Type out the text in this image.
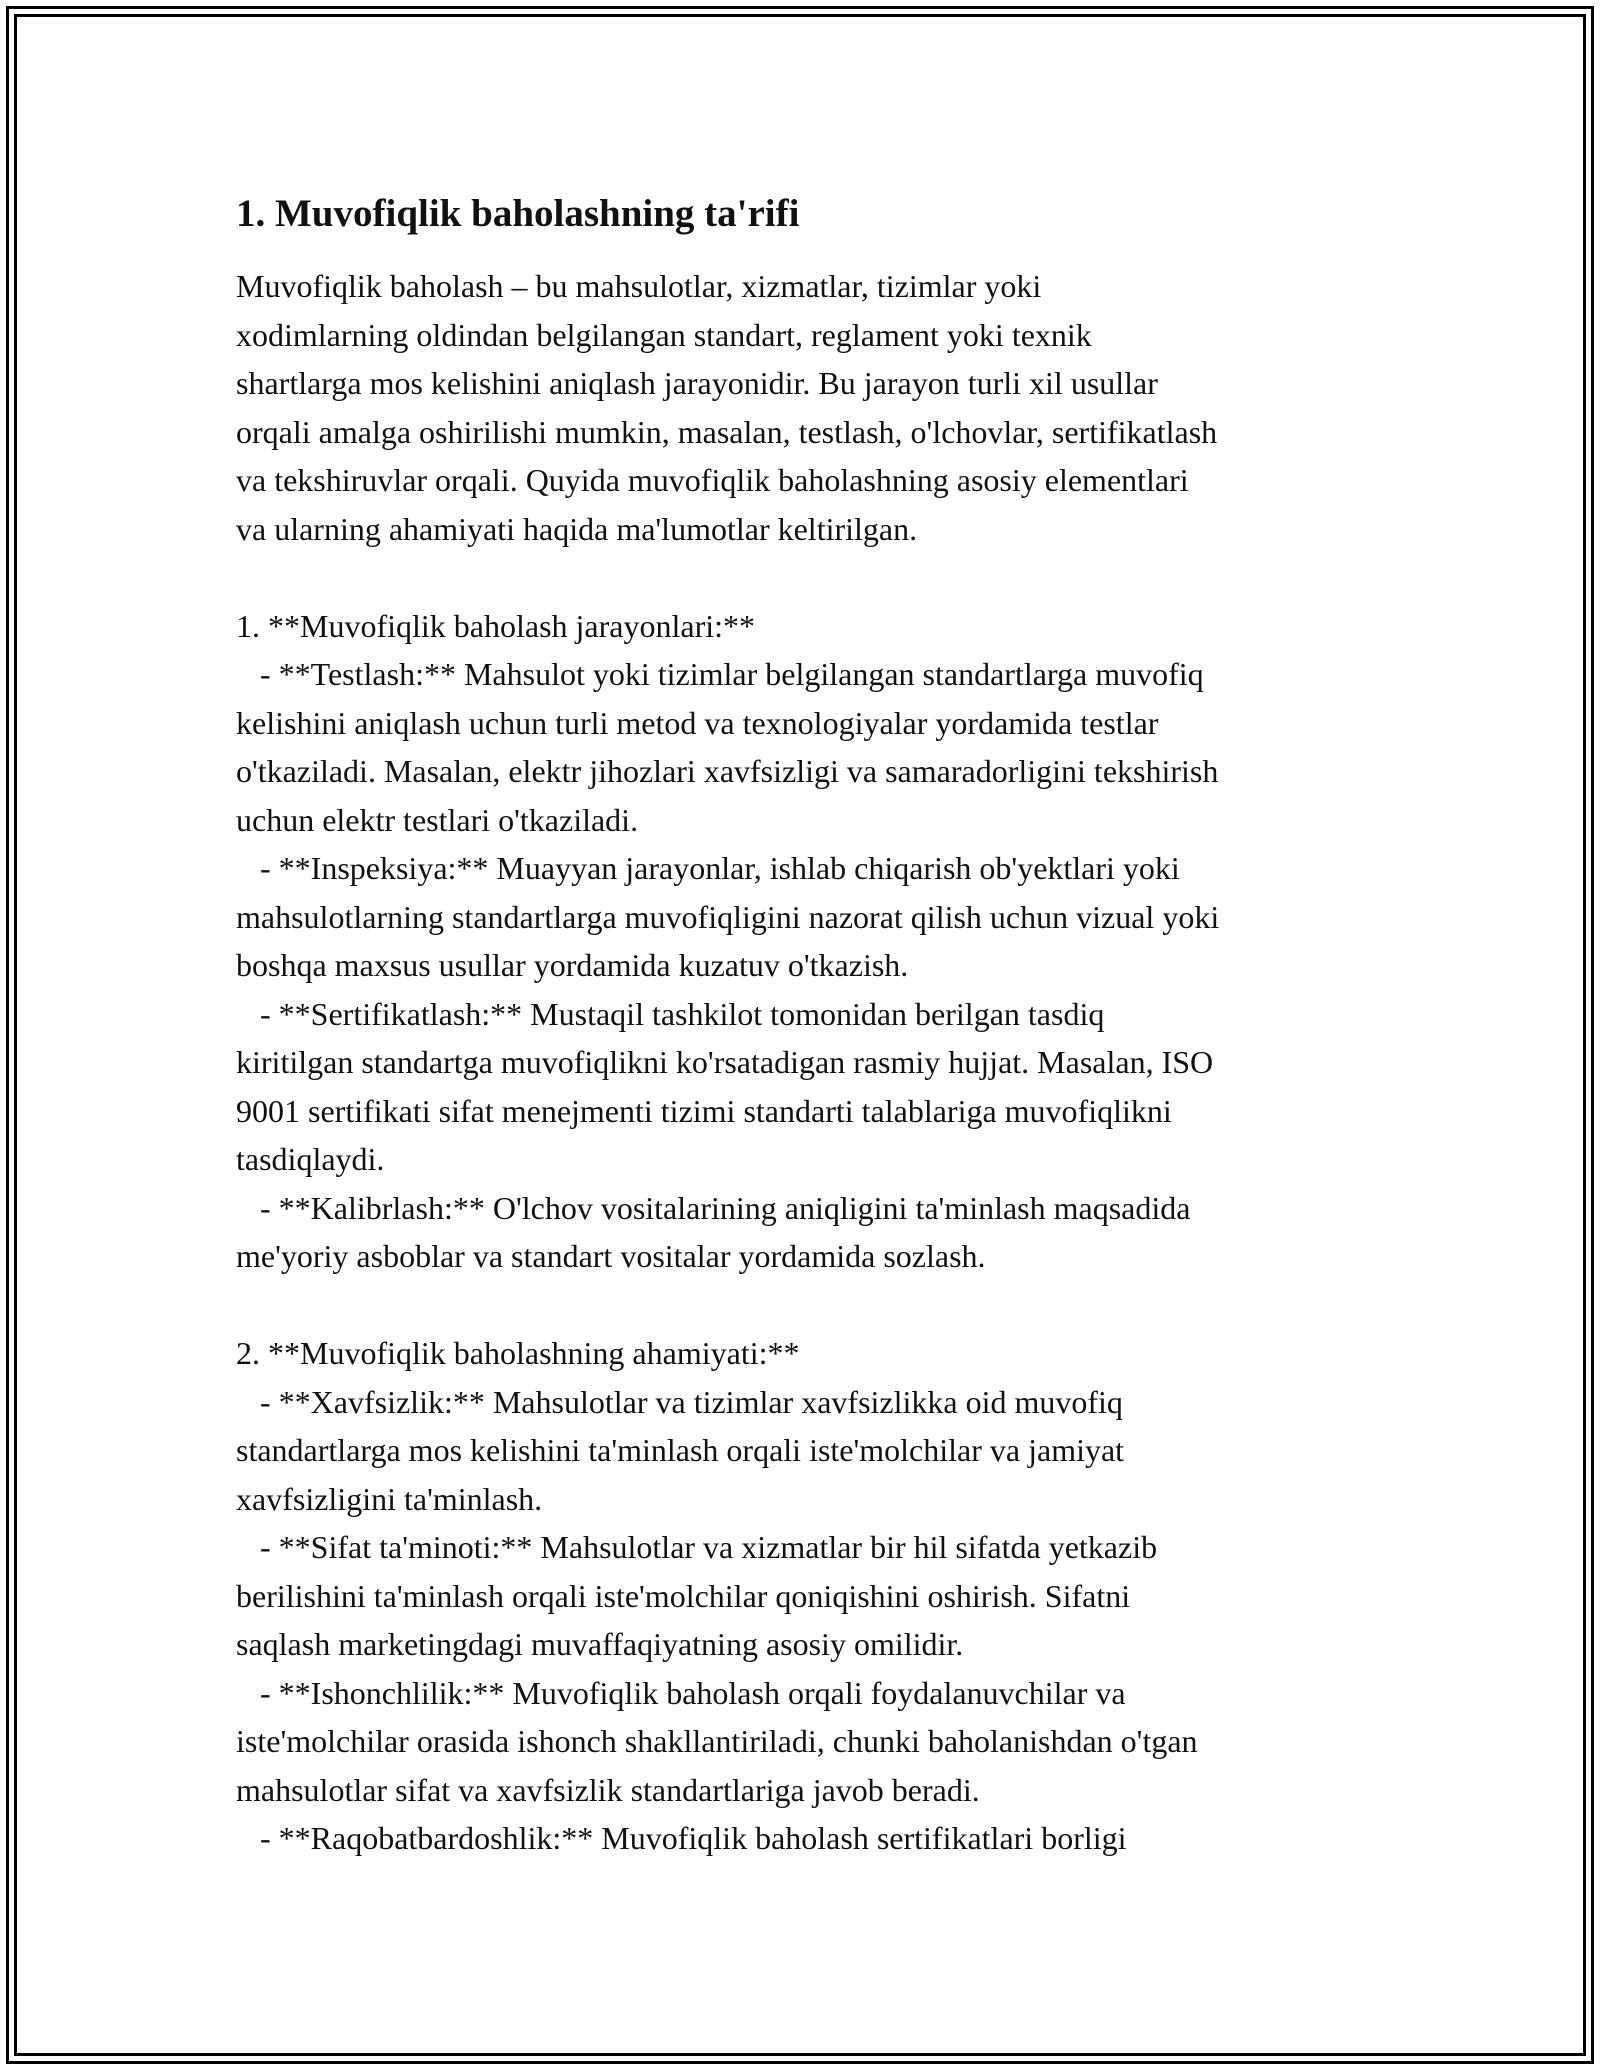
1. Muvofiqlik baholashning ta'rifi

Muvofiqlik baholash – bu mahsulotlar, xizmatlar, tizimlar yoki
xodimlarning oldindan belgilangan standart, reglament yoki texnik
shartlarga mos kelishini aniqlash jarayonidir. Bu jarayon turli xil usullar
orqali amalga oshirilishi mumkin, masalan, testlash, o'lchovlar, sertifikatlash
va tekshiruvlar orqali. Quyida muvofiqlik baholashning asosiy elementlari
va ularning ahamiyati haqida ma'lumotlar keltirilgan.

1. **Muvofiqlik baholash jarayonlari:**

- **Testlash:** Mahsulot yoki tizimlar belgilangan standartlarga muvofiq
kelishini aniqlash uchun turli metod va texnologiyalar yordamida testlar
o'tkaziladi. Masalan, elektr jihozlari xavfsizligi va samaradorligini tekshirish
uchun elektr testlari o'tkaziladi.

- **Inspeksiya:** Muayyan jarayonlar, ishlab chiqarish ob'yektlari yoki
mahsulotlarning standartlarga muvofiqligini nazorat qilish uchun vizual yoki
boshqa maxsus usullar yordamida kuzatuv o'tkazish.

- **Sertifikatlash:** Mustaqil tashkilot tomonidan berilgan tasdiq
kiritilgan standartga muvofiqlikni ko'rsatadigan rasmiy hujjat. Masalan, ISO
9001 sertifikati sifat menejmenti tizimi standarti talablariga muvofiqlikni
tasdiqlaydi.

- **Kalibrlash:** O'lchov vositalarining aniqligini ta'minlash maqsadida
me'yoriy asboblar va standart vositalar yordamida sozlash.

2. **Muvofiqlik baholashning ahamiyati:**

- **Xavfsizlik:** Mahsulotlar va tizimlar xavfsizlikka oid muvofiq
standartlarga mos kelishini ta'minlash orqali iste'molchilar va jamiyat
xavfsizligini ta'minlash.

- **Sifat ta'minoti:** Mahsulotlar va xizmatlar bir hil sifatda yetkazib
berilishini ta'minlash orqali iste'molchilar qoniqishini oshirish. Sifatni
saqlash marketingdagi muvaffaqiyatning asosiy omilidir.

- **Ishonchlilik:** Muvofiqlik baholash orqali foydalanuvchilar va
iste'molchilar orasida ishonch shakllantiriladi, chunki baholanishdan o'tgan
mahsulotlar sifat va xavfsizlik standartlariga javob beradi.

- **Raqobatbardoshlik:** Muvofiqlik baholash sertifikatlari borligi
